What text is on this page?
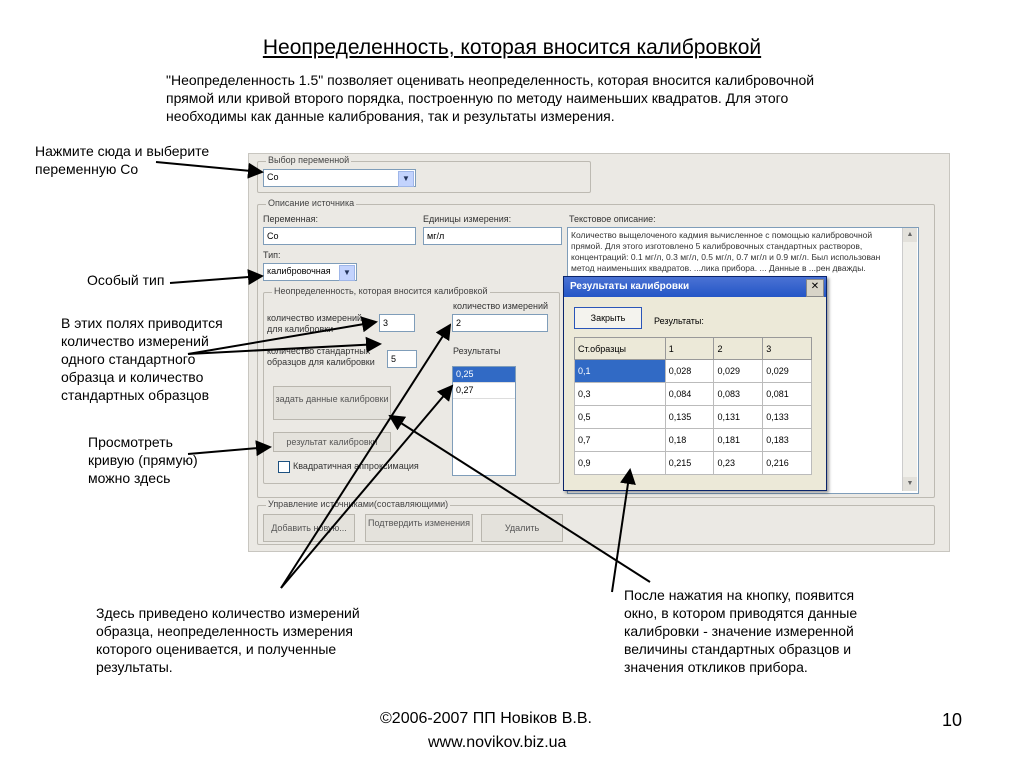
Неопределенность, которая вносится калибровкой
"Неопределенность 1.5" позволяет оценивать неопределенность, которая вносится калибровочной прямой или кривой второго порядка, построенную по методу наименьших квадратов. Для этого необходимы как данные калибрования, так и результаты измерения.
Выбор переменной
Co	▼
Описание источника
Переменная:
Co
Единицы измерения:
мг/л
Текстовое описание:
Количество выщелоченого кадмия вычисленное с помощью калибровочной прямой. Для этого изготовлено 5 калибровочных стандартных растворов, концентраций: 0.1 мг/л, 0.3 мг/л, 0.5 мг/л, 0.7 мг/л и 0.9 мг/л. Был использован метод наименьших квадратов. ...лика прибора. ... Данные в ...рен дважды.
▲
▼
Тип:
калибровочная	▼
Неопределенность, которая вносится калибровкой
количество измерений для калибровки
3
количество стандартных образцов для калибровки	5
количество измерений
2
Результаты
0,25
0,27
задать данные калибровки
результат калибровки
Квадратичная аппроксимация
Управление источниками(составляющими)
Добавить новую...	Подтвердить изменения	Удалить
Результаты калибровки	✕
Закрыть	Результаты:
Ст.образцы	1	2	3
0,1	0,028	0,029	0,029
0,3	0,084	0,083	0,081
0,5	0,135	0,131	0,133
0,7	0,18	0,181	0,183
0,9	0,215	0,23	0,216
Нажмите сюда и выберите переменную Co
Особый тип
В этих полях приводится количество измерений одного стандартного образца и количество стандартных образцов
Просмотреть кривую (прямую) можно здесь
Здесь приведено количество измерений образца, неопределенность измерения которого оценивается, и полученные результаты.
После нажатия на кнопку, появится окно, в котором приводятся данные калибровки - значение измеренной величины стандартных образцов и значения откликов прибора.
©2006-2007 ПП Новіков В.В.
www.novikov.biz.ua
10
